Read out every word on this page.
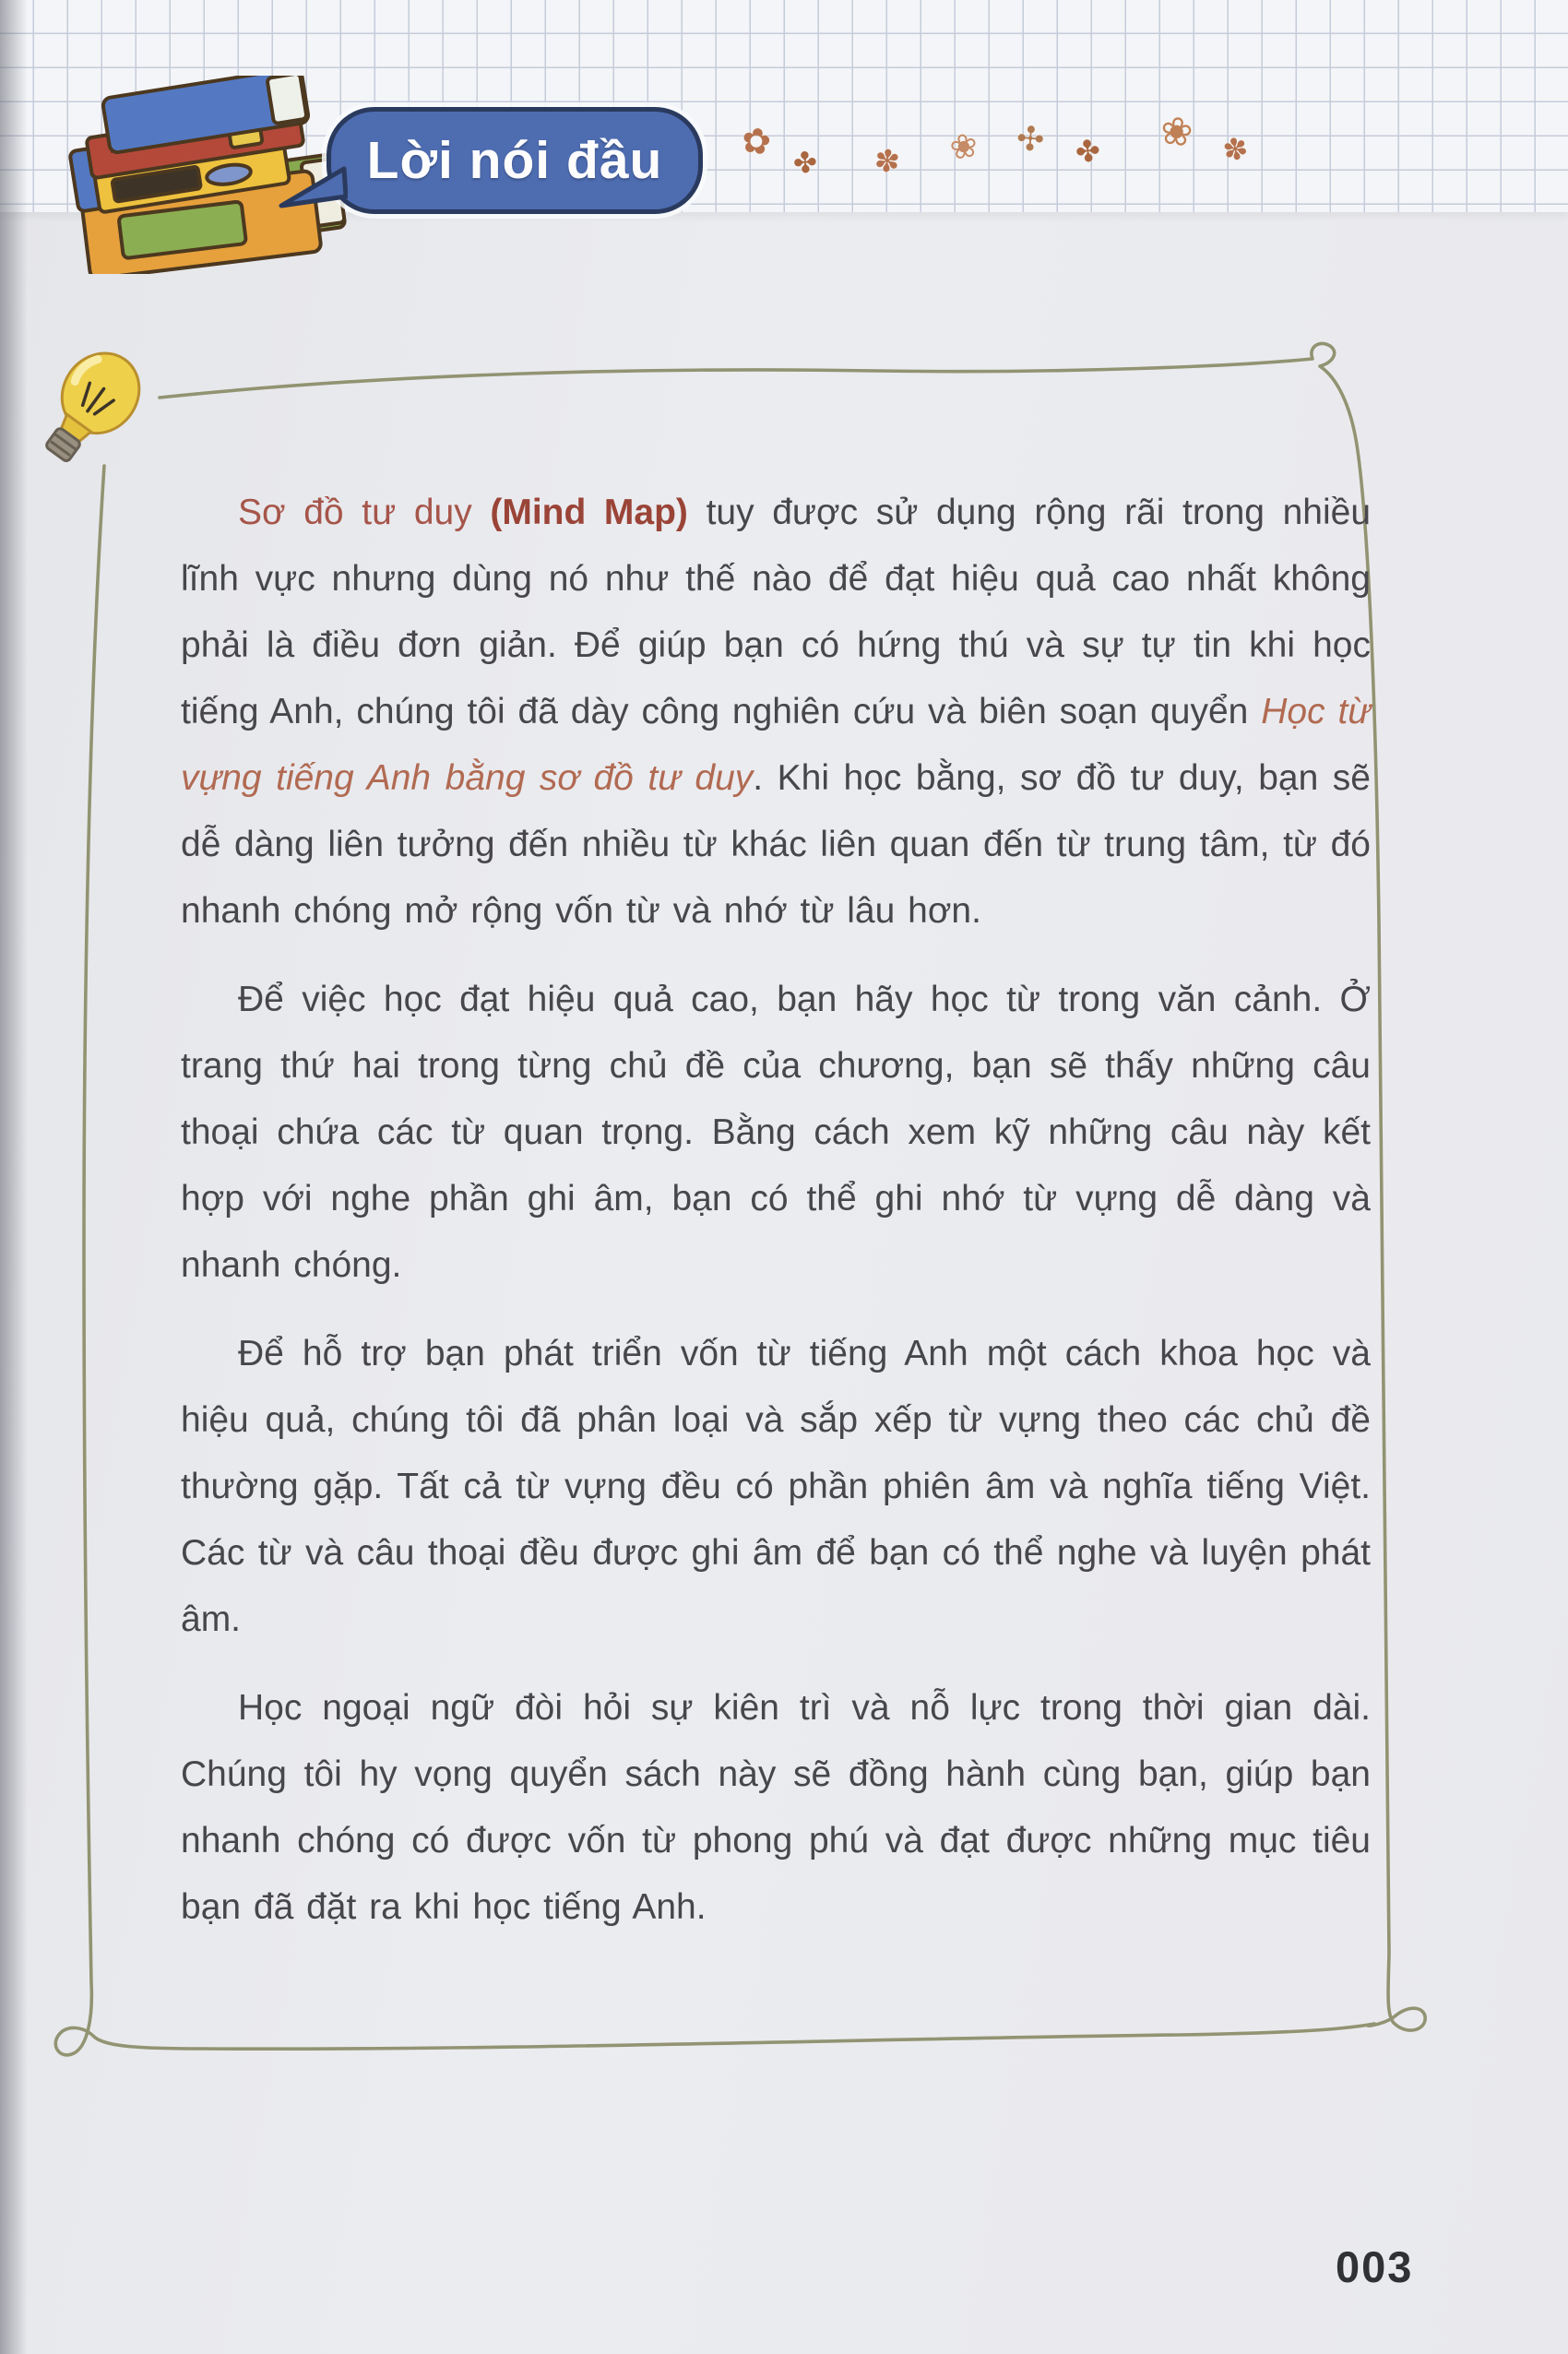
Lời nói đầu ✿ ✤ ✽ ❀ ✣ ✤ ❀ ✽

Sơ đồ tư duy (Mind Map) tuy được sử dụng rộng rãi trong nhiều lĩnh vực nhưng dùng nó như thế nào để đạt hiệu quả cao nhất không phải là điều đơn giản. Để giúp bạn có hứng thú và sự tự tin khi học tiếng Anh, chúng tôi đã dày công nghiên cứu và biên soạn quyển Học từ vựng tiếng Anh bằng sơ đồ tư duy. Khi học bằng, sơ đồ tư duy, bạn sẽ dễ dàng liên tưởng đến nhiều từ khác liên quan đến từ trung tâm, từ đó nhanh chóng mở rộng vốn từ và nhớ từ lâu hơn.

Để việc học đạt hiệu quả cao, bạn hãy học từ trong văn cảnh. Ở trang thứ hai trong từng chủ đề của chương, bạn sẽ thấy những câu thoại chứa các từ quan trọng. Bằng cách xem kỹ những câu này kết hợp với nghe phần ghi âm, bạn có thể ghi nhớ từ vựng dễ dàng và nhanh chóng.

Để hỗ trợ bạn phát triển vốn từ tiếng Anh một cách khoa học và hiệu quả, chúng tôi đã phân loại và sắp xếp từ vựng theo các chủ đề thường gặp. Tất cả từ vựng đều có phần phiên âm và nghĩa tiếng Việt. Các từ và câu thoại đều được ghi âm để bạn có thể nghe và luyện phát âm.

Học ngoại ngữ đòi hỏi sự kiên trì và nỗ lực trong thời gian dài. Chúng tôi hy vọng quyển sách này sẽ đồng hành cùng bạn, giúp bạn nhanh chóng có được vốn từ phong phú và đạt được những mục tiêu bạn đã đặt ra khi học tiếng Anh.

003
